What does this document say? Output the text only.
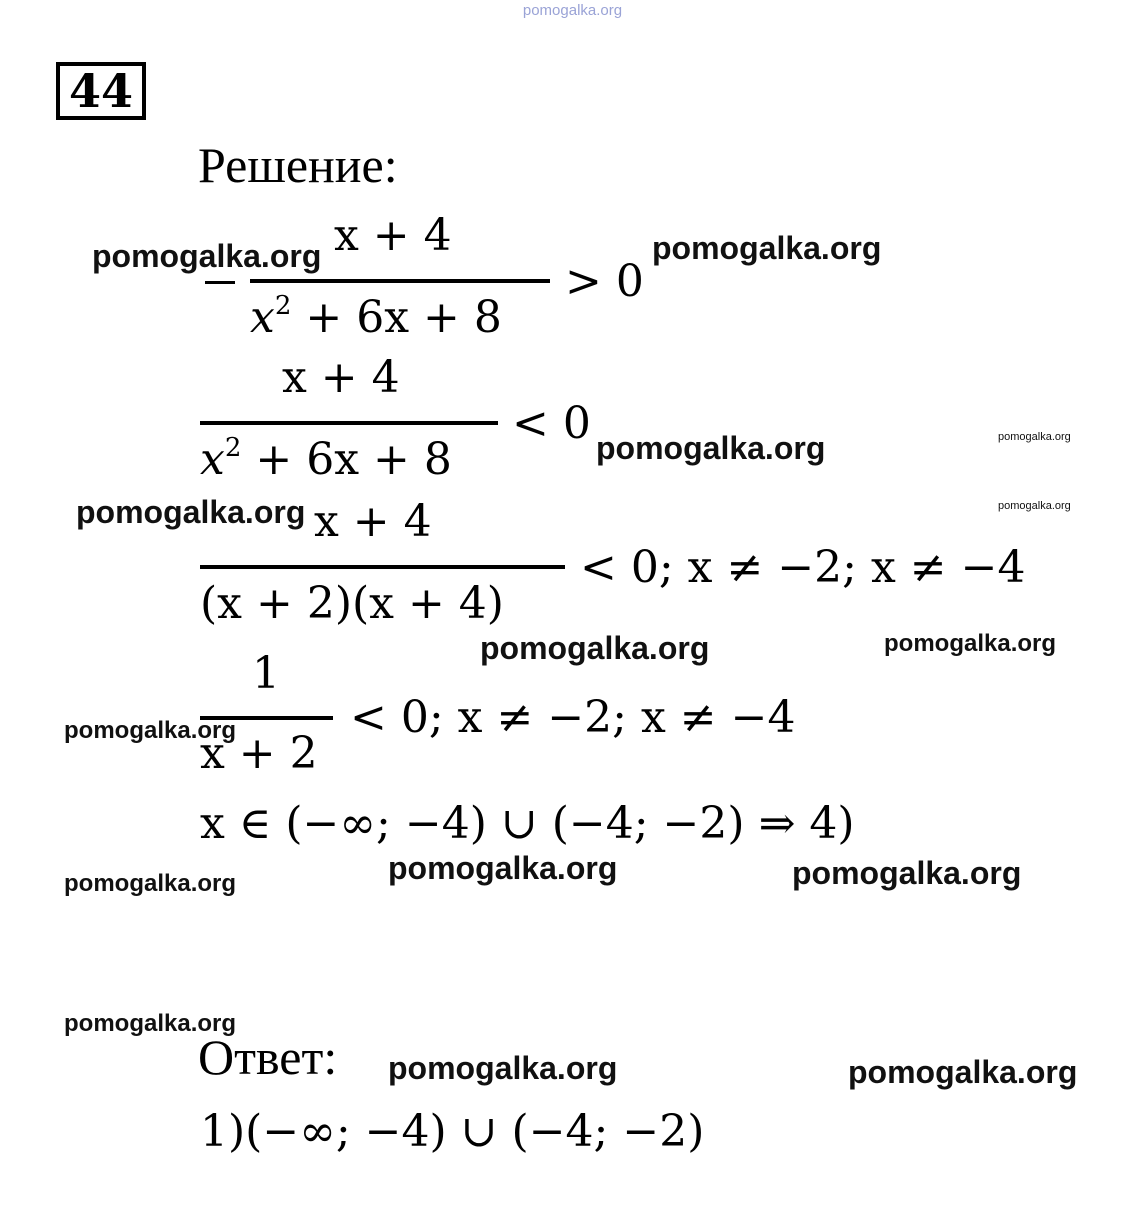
pomogalka.org
44
Решение:
x + 4
$x^2 + 6x + 8$
> 0
x + 4
$x^2 + 6x + 8$
< 0
x + 4
(x + 2)(x + 4)
< 0; x ≠ −2; x ≠ −4
1
x + 2
< 0; x ≠ −2; x ≠ −4
x ∈ (−∞; −4) ∪ (−4; −2) ⇒ 4)
Ответ:
1)(−∞; −4) ∪ (−4; −2)
pomogalka.org	pomogalka.org
pomogalka.org	pomogalka.org
pomogalka.org
pomogalka.org
pomogalka.org	pomogalka.org
pomogalka.org
pomogalka.org	pomogalka.org
pomogalka.org
pomogalka.org
pomogalka.org	pomogalka.org
